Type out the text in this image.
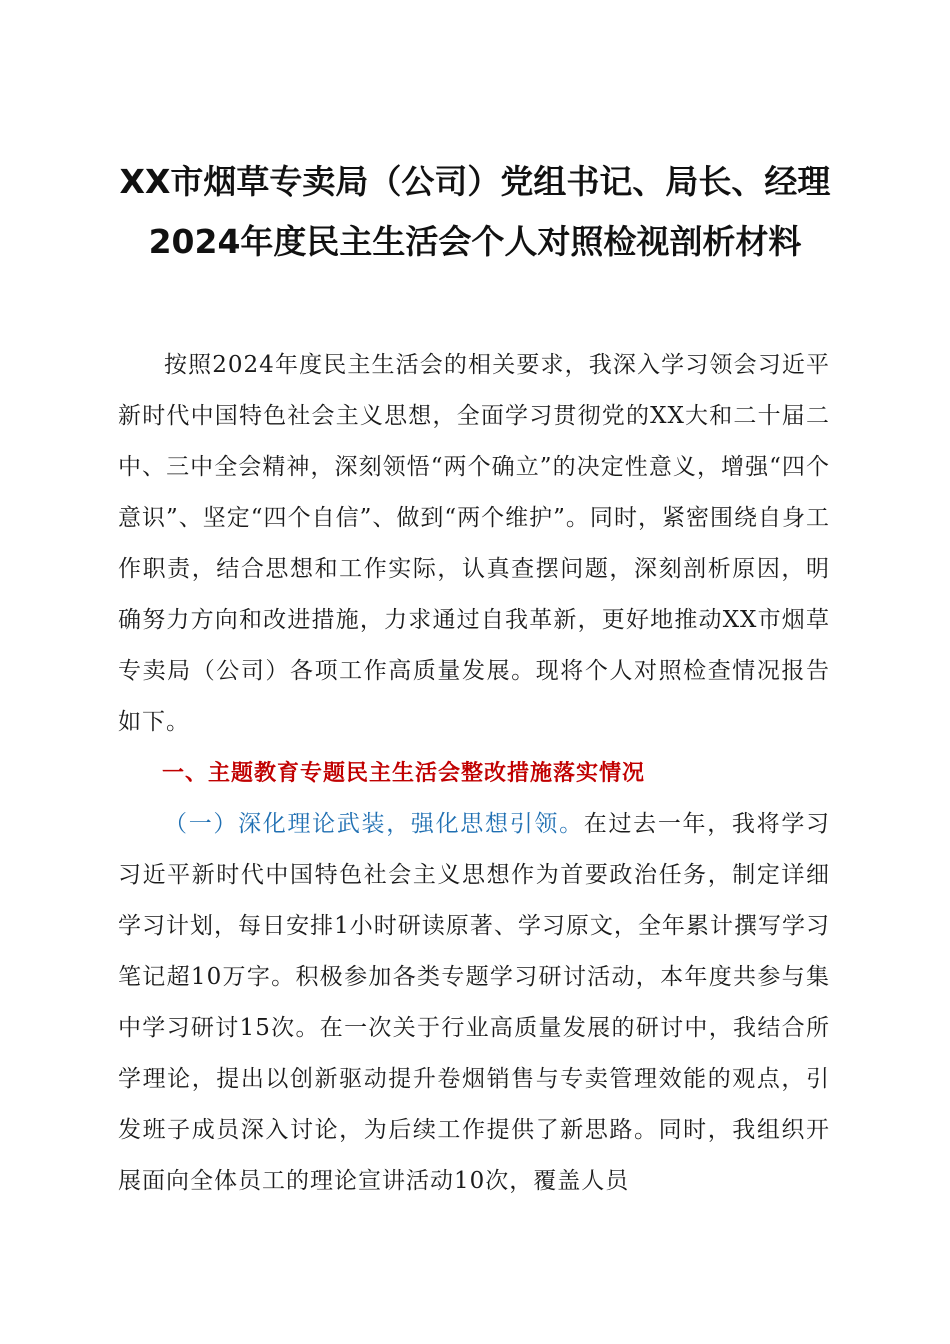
XX市烟草专卖局（公司）党组书记、局长、经理2024年度民主生活会个人对照检视剖析材料

按照2024年度民主生活会的相关要求，我深入学习领会习近平新时代中国特色社会主义思想，全面学习贯彻党的XX大和二十届二中、三中全会精神，深刻领悟“两个确立”的决定性意义，增强“四个意识”、坚定“四个自信”、做到“两个维护”。同时，紧密围绕自身工作职责，结合思想和工作实际，认真查摆问题，深刻剖析原因，明确努力方向和改进措施，力求通过自我革新，更好地推动XX市烟草专卖局（公司）各项工作高质量发展。现将个人对照检查情况报告如下。

一、主题教育专题民主生活会整改措施落实情况

（一）深化理论武装，强化思想引领。在过去一年，我将学习习近平新时代中国特色社会主义思想作为首要政治任务，制定详细学习计划，每日安排1小时研读原著、学习原文，全年累计撰写学习笔记超10万字。积极参加各类专题学习研讨活动，本年度共参与集中学习研讨15次。在一次关于行业高质量发展的研讨中，我结合所学理论，提出以创新驱动提升卷烟销售与专卖管理效能的观点，引发班子成员深入讨论，为后续工作提供了新思路。同时，我组织开展面向全体员工的理论宣讲活动10次，覆盖人员
